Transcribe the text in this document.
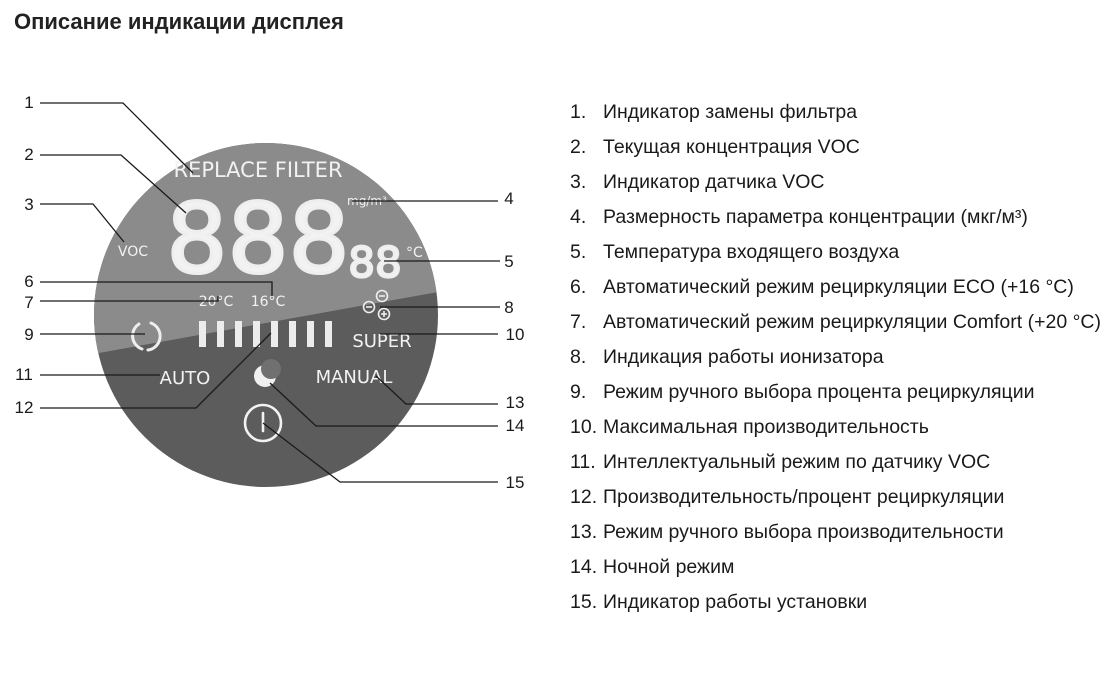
Описание индикации дисплея
REPLACE FILTER
VOC
mg/m³
888
88 °C
20°C 16°C
SUPER
AUTO	MANUAL
1
2
3	4
5
6
7	8
9	10
11
12	13
14
15
1. Индикатор замены фильтра
2. Текущая концентрация VOC
3. Индикатор датчика VOC
4. Размерность параметра концентрации (мкг/м³)
5. Температура входящего воздуха
6. Автоматический режим рециркуляции ECO (+16 °C)
7. Автоматический режим рециркуляции Comfort (+20 °C)
8. Индикация работы ионизатора
9. Режим ручного выбора процента рециркуляции
10. Максимальная производительность
11. Интеллектуальный режим по датчику VOC
12. Производительность/процент рециркуляции
13. Режим ручного выбора производительности
14. Ночной режим
15. Индикатор работы установки
